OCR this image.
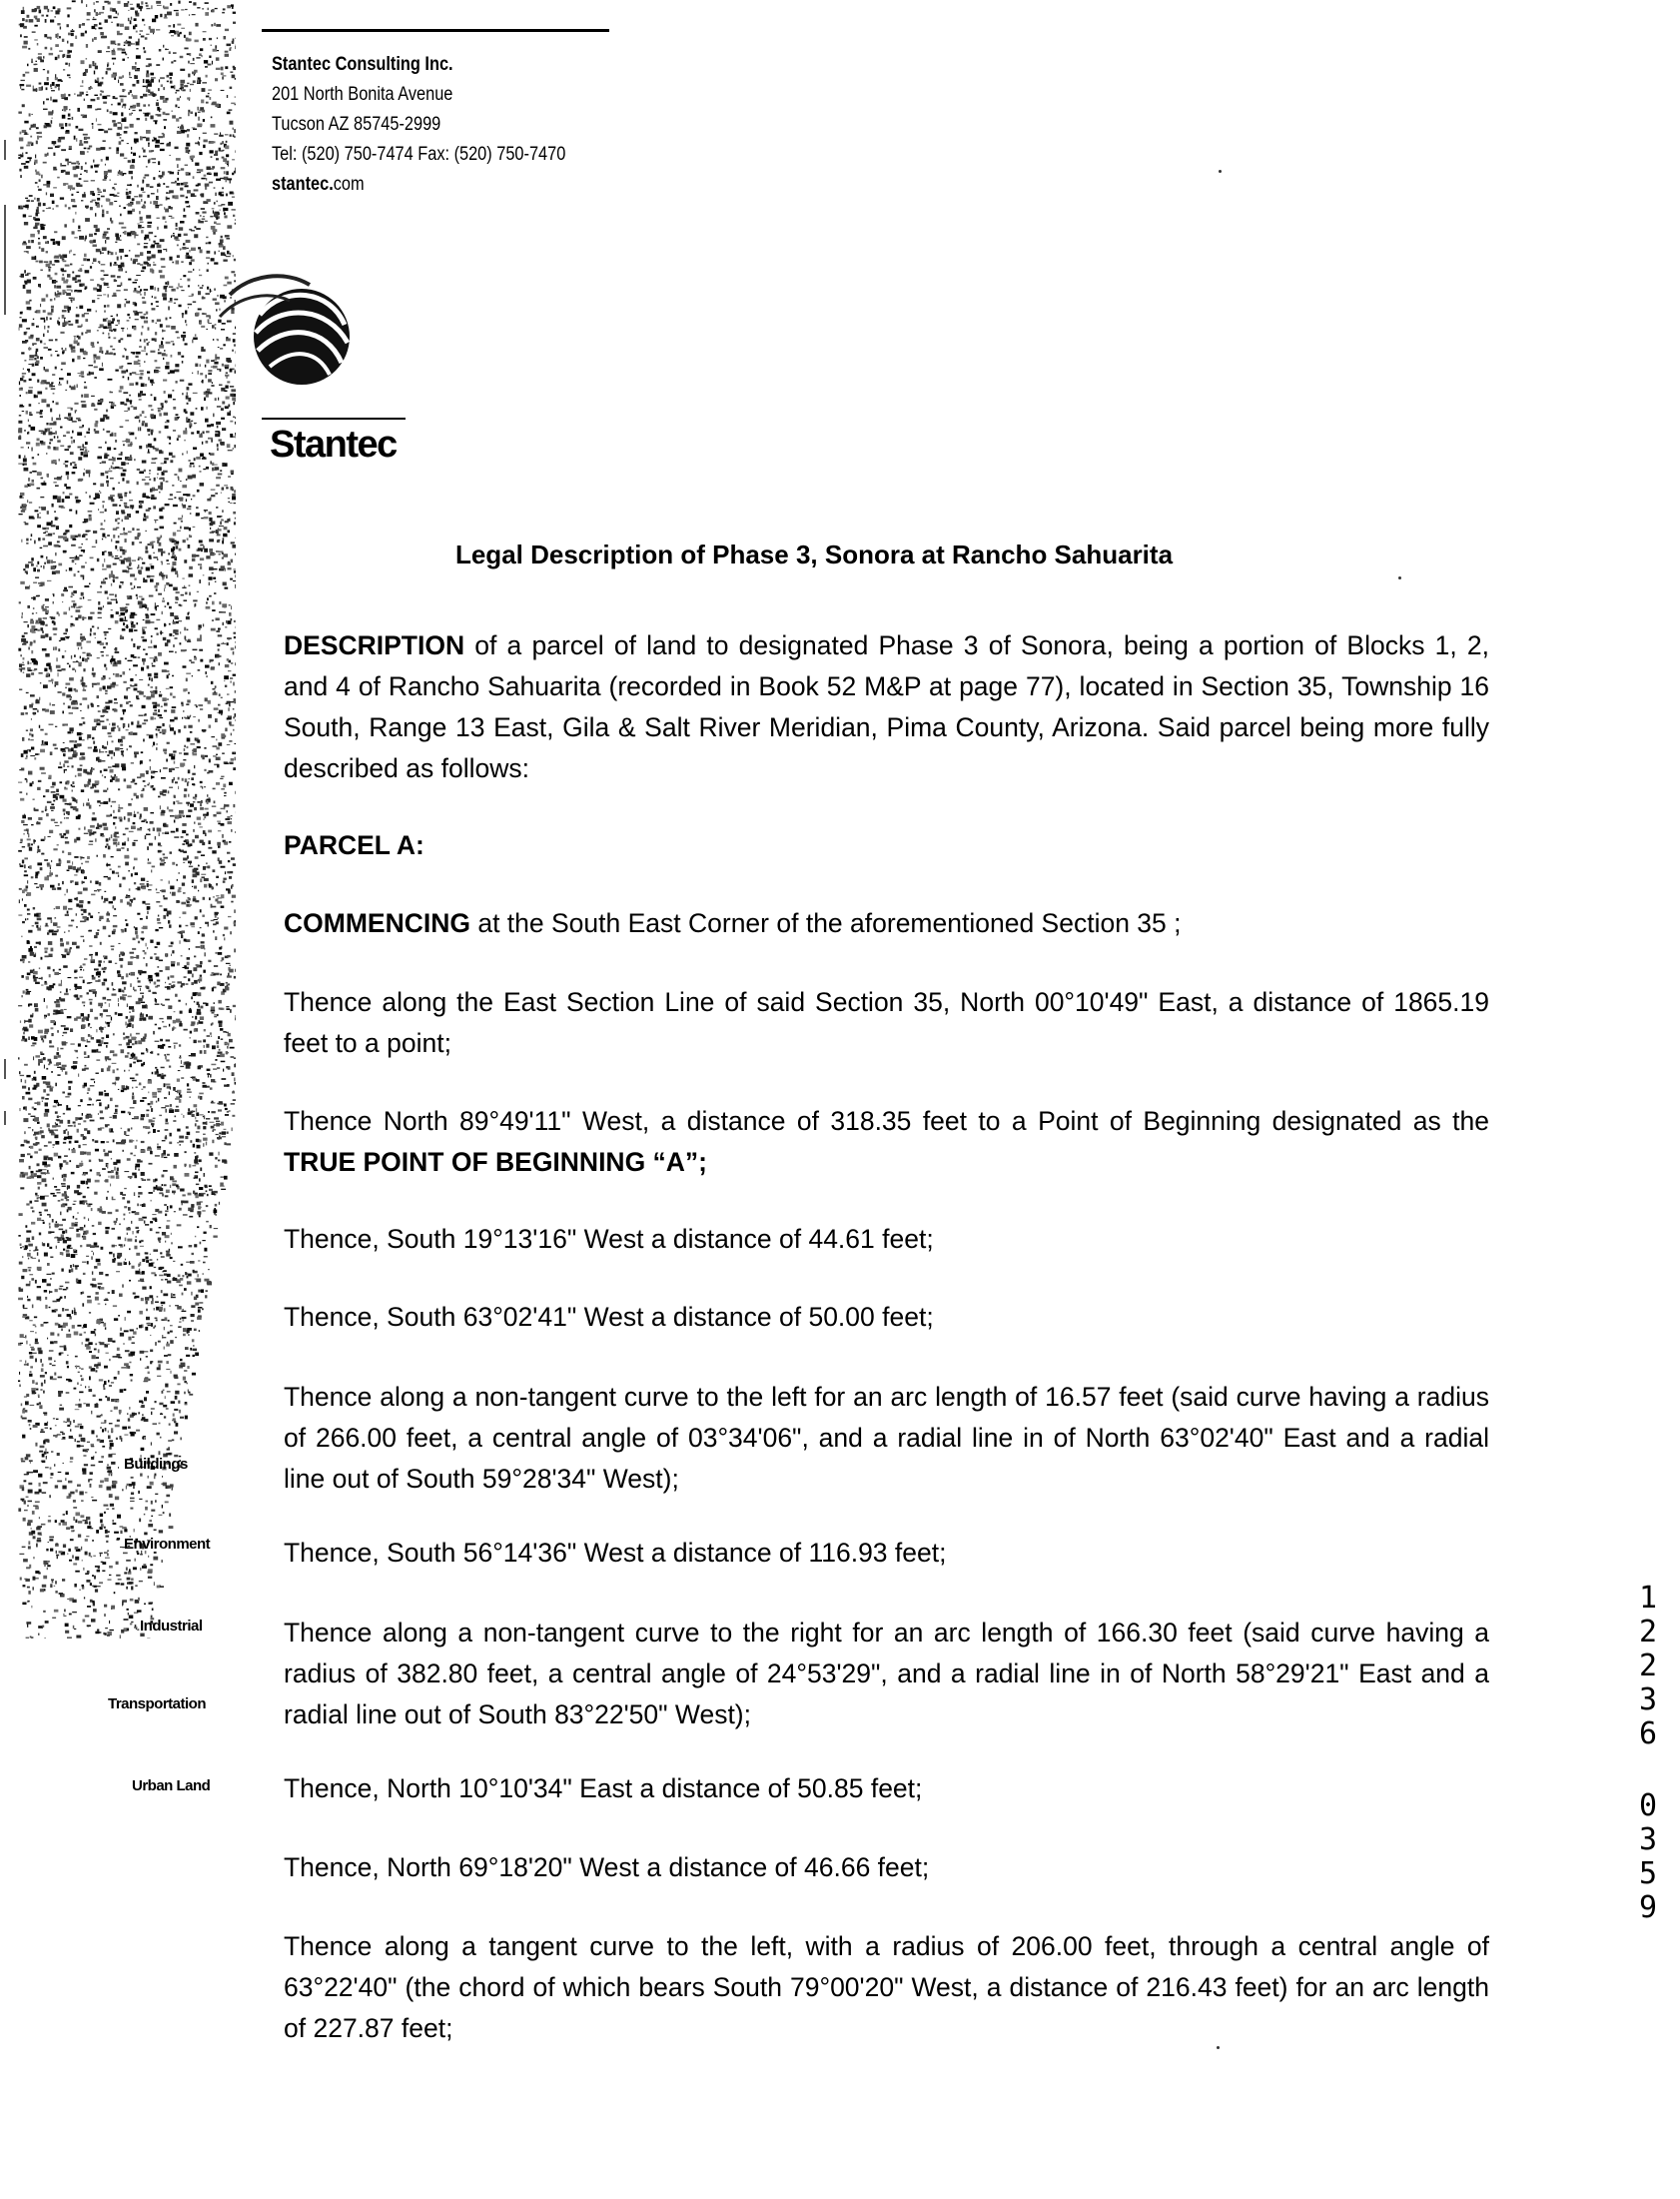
Buildings
Environment
Industrial
Transportation
Urban Land
Stantec Consulting Inc.
201 North Bonita Avenue
Tucson AZ 85745-2999
Tel: (520) 750-7474 Fax: (520) 750-7470
stantec.com
Stantec
Legal Description of Phase 3, Sonora at Rancho Sahuarita

DESCRIPTION of a parcel of land to designated Phase 3 of Sonora, being a portion of Blocks 1, 2, and 4 of Rancho Sahuarita (recorded in Book 52 M&P at page 77), located in Section 35, Township 16 South, Range 13 East, Gila & Salt River Meridian, Pima County, Arizona. Said parcel being more fully described as follows:

PARCEL A:

COMMENCING at the South East Corner of the aforementioned Section 35 ;

Thence along the East Section Line of said Section 35, North 00°10'49" East, a distance of 1865.19 feet to a point;

Thence North 89°49'11" West, a distance of 318.35 feet to a Point of Beginning designated as the TRUE POINT OF BEGINNING “A”;

Thence, South 19°13'16" West a distance of 44.61 feet;

Thence, South 63°02'41" West a distance of 50.00 feet;

Thence along a non-tangent curve to the left for an arc length of 16.57 feet (said curve having a radius of 266.00 feet, a central angle of 03°34'06", and a radial line in of North 63°02'40" East and a radial line out of South 59°28'34" West);

Thence, South 56°14'36" West a distance of 116.93 feet;

Thence along a non-tangent curve to the right for an arc length of 166.30 feet (said curve having a radius of 382.80 feet, a central angle of 24°53'29", and a radial line in of North 58°29'21" East and a radial line out of South 83°22'50" West);

Thence, North 10°10'34" East a distance of 50.85 feet;

Thence, North 69°18'20" West a distance of 46.66 feet;

Thence along a tangent curve to the left, with a radius of 206.00 feet, through a central angle of 63°22'40" (the chord of which bears South 79°00'20" West, a distance of 216.43 feet) for an arc length of 227.87 feet;

1
2
2
3
6
0
3
5
9
